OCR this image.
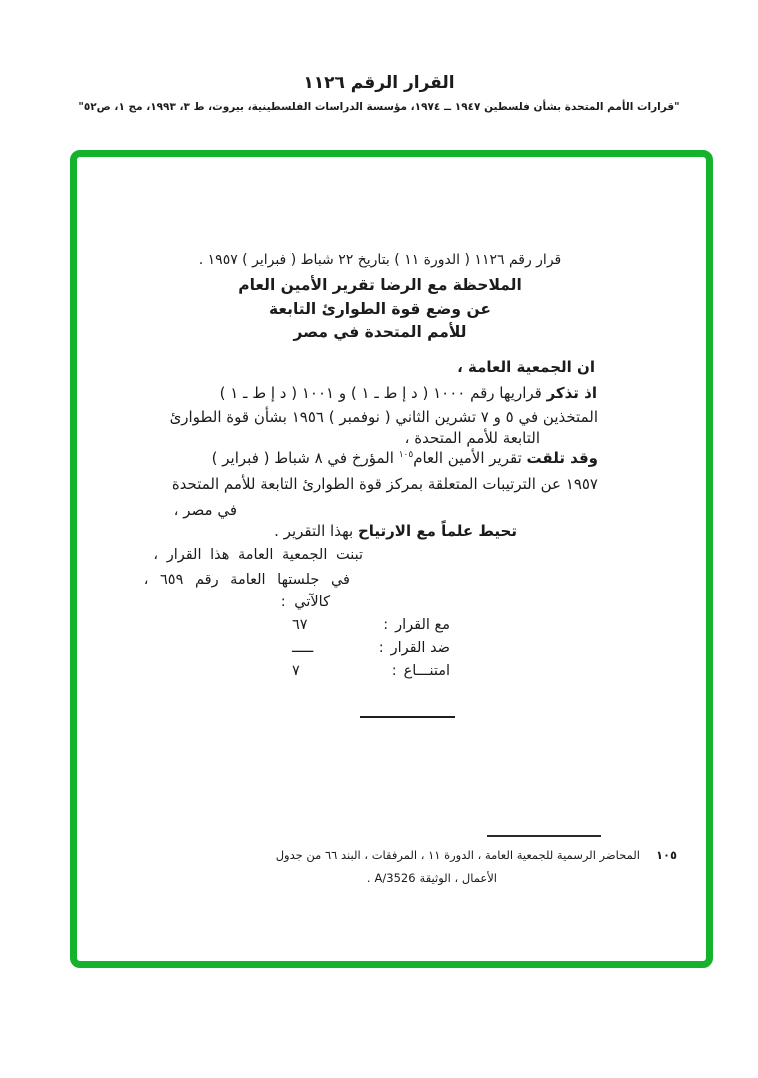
القرار الرقم ١١٢٦
"قرارات الأمم المتحدة بشأن فلسطين ١٩٤٧ ــ ١٩٧٤، مؤسسة الدراسات الفلسطينية، بيروت، ط ٣، ١٩٩٣، مج ١، ص٥٢"
قرار رقم ١١٢٦ ( الدورة ١١ ) بتاريخ ٢٢ شباط ( فبراير ) ١٩٥٧ .
الملاحظة مع الرضا تقرير الأمين العام
عن وضع قوة الطوارئ التابعة
للأمم المتحدة في مصر
ان الجمعية العامة ،
اذ تذكر قراريها رقم ١٠٠٠ ( د إ ط ـ ١ ) و ١٠٠١ ( د إ ط ـ ١ )
المتخذين في ٥ و ٧ تشرين الثاني ( نوفمبر ) ١٩٥٦ بشأن قوة الطوارئ
التابعة للأمم المتحدة ،
وقد تلقت تقرير الأمين العام$^{١٠٥}$ المؤرخ في ٨ شباط ( فبراير )
١٩٥٧ عن الترتيبات المتعلقة بمركز قوة الطوارئ التابعة للأمم المتحدة
في مصر ،
تحيط علماً مع الارتياح بهذا التقرير .
تبنت الجمعية العامة هذا القرار ،
في جلستها العامة رقم ٦٥٩ ،
كالآتي :
مع القرار
:
٦٧
ضد القرار
:
ـــــ
امتنـــاع
:
٧
١٠٥المحاضر الرسمية للجمعية العامة ، الدورة ١١ ، المرفقات ، البند ٦٦ من جدول
الأعمال ، الوثيقةA/3526.
